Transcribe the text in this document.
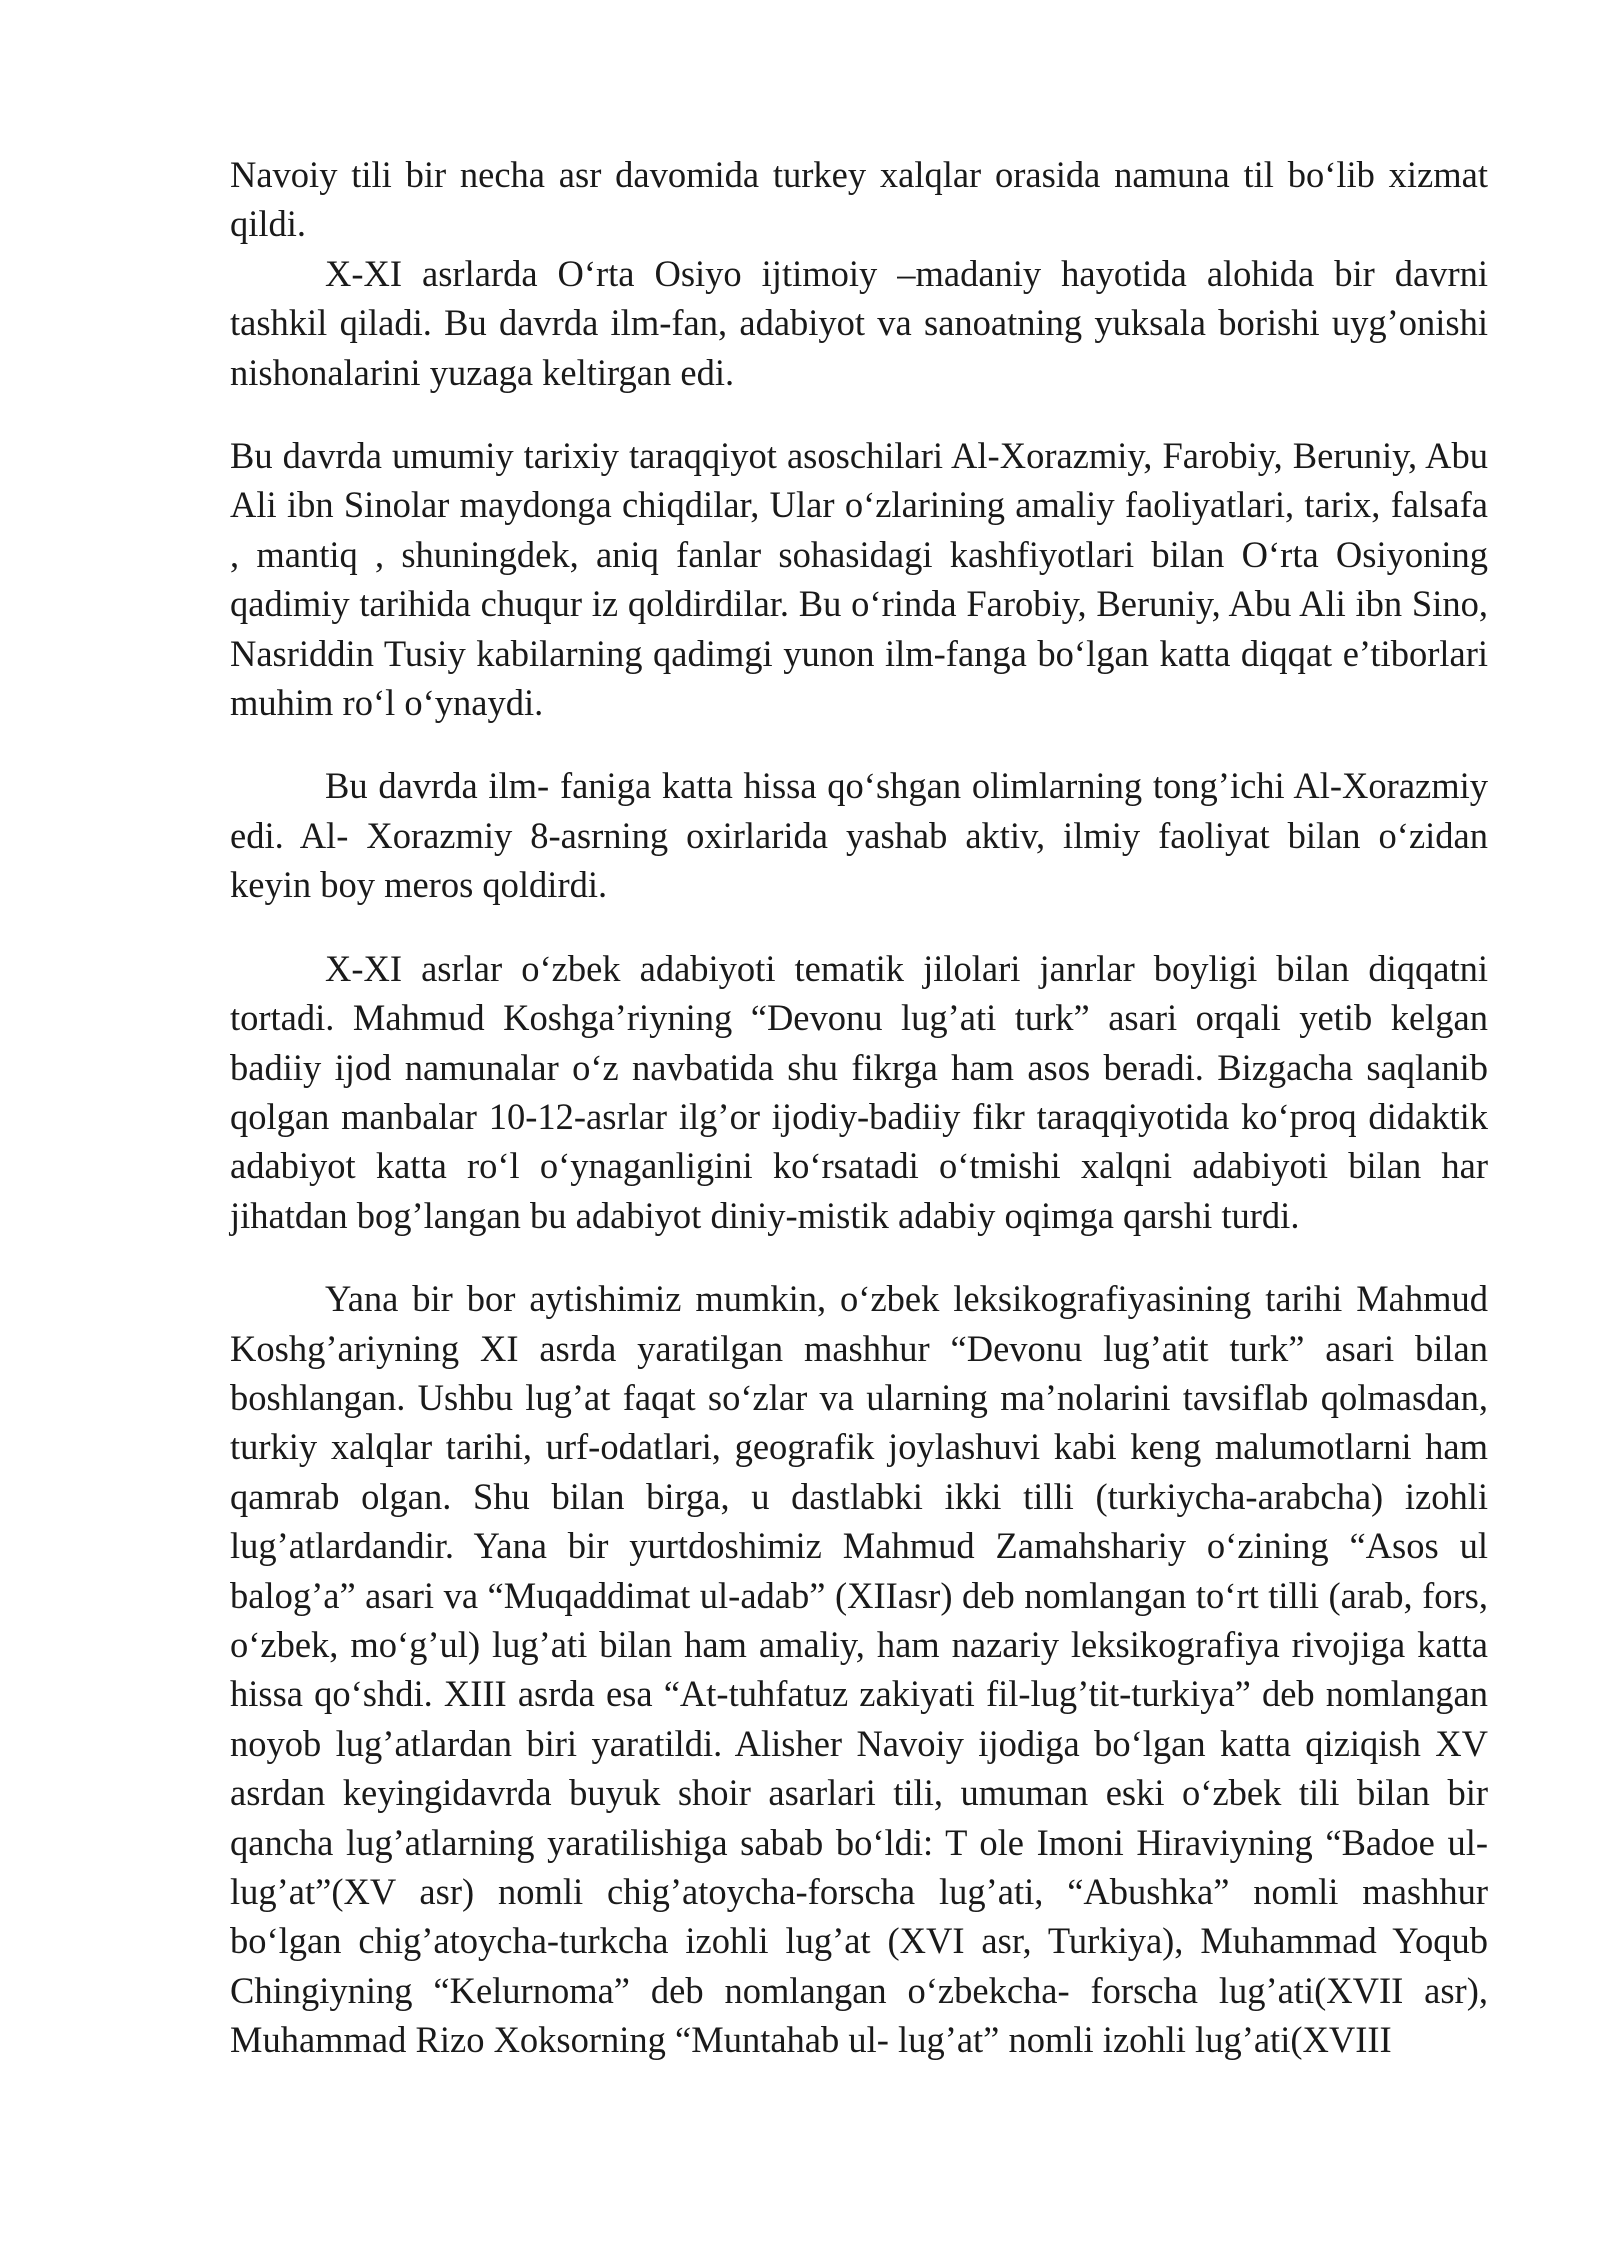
Navoiy tili bir necha asr davomida turkey xalqlar orasida namuna til bo‘lib xizmat qildi.

X-XI asrlarda O‘rta Osiyo ijtimoiy –madaniy hayotida alohida bir davrni tashkil qiladi. Bu davrda ilm-fan, adabiyot va sanoatning yuksala borishi uyg’onishi nishonalarini yuzaga keltirgan edi.

Bu davrda umumiy tarixiy taraqqiyot asoschilari Al-Xorazmiy, Farobiy, Beruniy, Abu Ali ibn Sinolar maydonga chiqdilar, Ular o‘zlarining amaliy faoliyatlari, tarix, falsafa , mantiq , shuningdek, aniq fanlar sohasidagi kashfiyotlari bilan O‘rta Osiyoning qadimiy tarihida chuqur iz qoldirdilar. Bu o‘rinda Farobiy, Beruniy, Abu Ali ibn Sino, Nasriddin Tusiy kabilarning qadimgi yunon ilm-fanga bo‘lgan katta diqqat e’tiborlari muhim ro‘l o‘ynaydi.

Bu davrda ilm- faniga katta hissa qo‘shgan olimlarning tong’ichi Al-Xorazmiy edi. Al- Xorazmiy 8-asrning oxirlarida yashab aktiv, ilmiy faoliyat bilan o‘zidan keyin boy meros qoldirdi.

X-XI asrlar o‘zbek adabiyoti tematik jilolari janrlar boyligi bilan diqqatni tortadi. Mahmud Koshga’riyning “Devonu lug’ati turk” asari orqali yetib kelgan badiiy ijod namunalar o‘z navbatida shu fikrga ham asos beradi. Bizgacha saqlanib qolgan manbalar 10-12-asrlar ilg’or ijodiy-badiiy fikr taraqqiyotida ko‘proq didaktik adabiyot katta ro‘l o‘ynaganligini ko‘rsatadi o‘tmishi xalqni adabiyoti bilan har jihatdan bog’langan bu adabiyot diniy-mistik adabiy oqimga qarshi turdi.

Yana bir bor aytishimiz mumkin, o‘zbek leksikografiyasining tarihi Mahmud Koshg’ariyning XI asrda yaratilgan mashhur “Devonu lug’atit turk” asari bilan boshlangan. Ushbu lug’at faqat so‘zlar va ularning ma’nolarini tavsiflab qolmasdan, turkiy xalqlar tarihi, urf-odatlari, geografik joylashuvi kabi keng malumotlarni ham qamrab olgan. Shu bilan birga, u dastlabki ikki tilli (turkiycha-arabcha) izohli lug’atlardandir. Yana bir yurtdoshimiz Mahmud Zamahshariy o‘zining “Asos ul balog’a” asari va “Muqaddimat ul-adab” (XIIasr) deb nomlangan to‘rt tilli (arab, fors, o‘zbek, mo‘g’ul) lug’ati bilan ham amaliy, ham nazariy leksikografiya rivojiga katta hissa qo‘shdi. XIII asrda esa “At-tuhfatuz zakiyati fil-lug’tit-turkiya” deb nomlangan noyob lug’atlardan biri yaratildi. Alisher Navoiy ijodiga bo‘lgan katta qiziqish XV asrdan keyingidavrda buyuk shoir asarlari tili, umuman eski o‘zbek tili bilan bir qancha lug’atlarning yaratilishiga sabab bo‘ldi: T ole Imoni Hiraviyning “Badoe ul- lug’at”(XV asr) nomli chig’atoycha-forscha lug’ati, “Abushka” nomli mashhur bo‘lgan chig’atoycha-turkcha izohli lug’at (XVI asr, Turkiya), Muhammad Yoqub Chingiyning “Kelurnoma” deb nomlangan o‘zbekcha- forscha lug’ati(XVII asr), Muhammad Rizo Xoksorning “Muntahab ul- lug’at” nomli izohli lug’ati(XVIII
